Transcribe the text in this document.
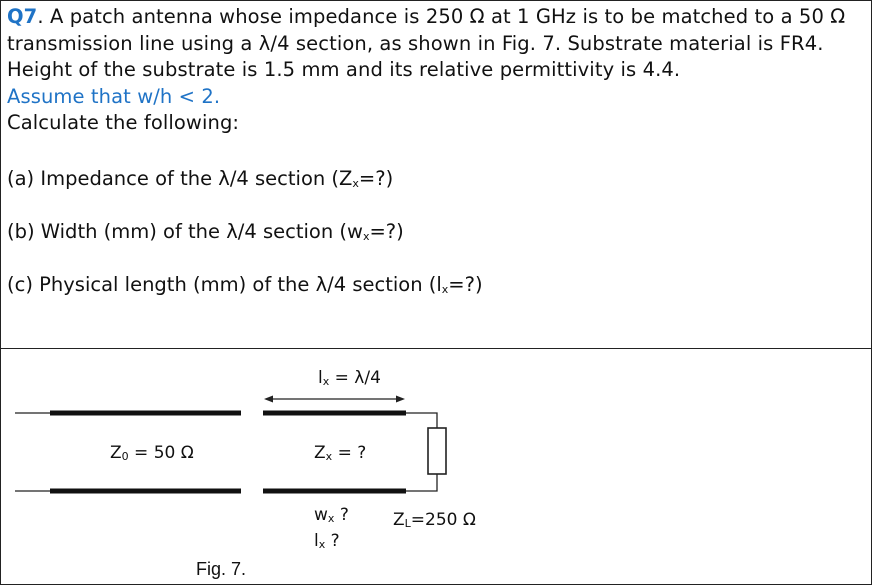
Q7. A patch antenna whose impedance is 250 Ω at 1 GHz is to be matched to a 50 Ω
transmission line using a λ/4 section, as shown in Fig. 7. Substrate material is FR4.
Height of the substrate is 1.5 mm and its relative permittivity is 4.4.
Assume that w/h < 2.
Calculate the following:
(a) Impedance of the λ/4 section $(Z_x=?)$
(b) Width (mm) of the λ/4 section $(w_x=?)$
(c) Physical length (mm) of the λ/4 section $(l_x=?)$
$l_x = \lambda/4$
$Z_0 = 50$ Ω	$Z_x$ = ?
$w_x$ ?
$l_x$ ?
$Z_L=250$ Ω
Fig. 7.
